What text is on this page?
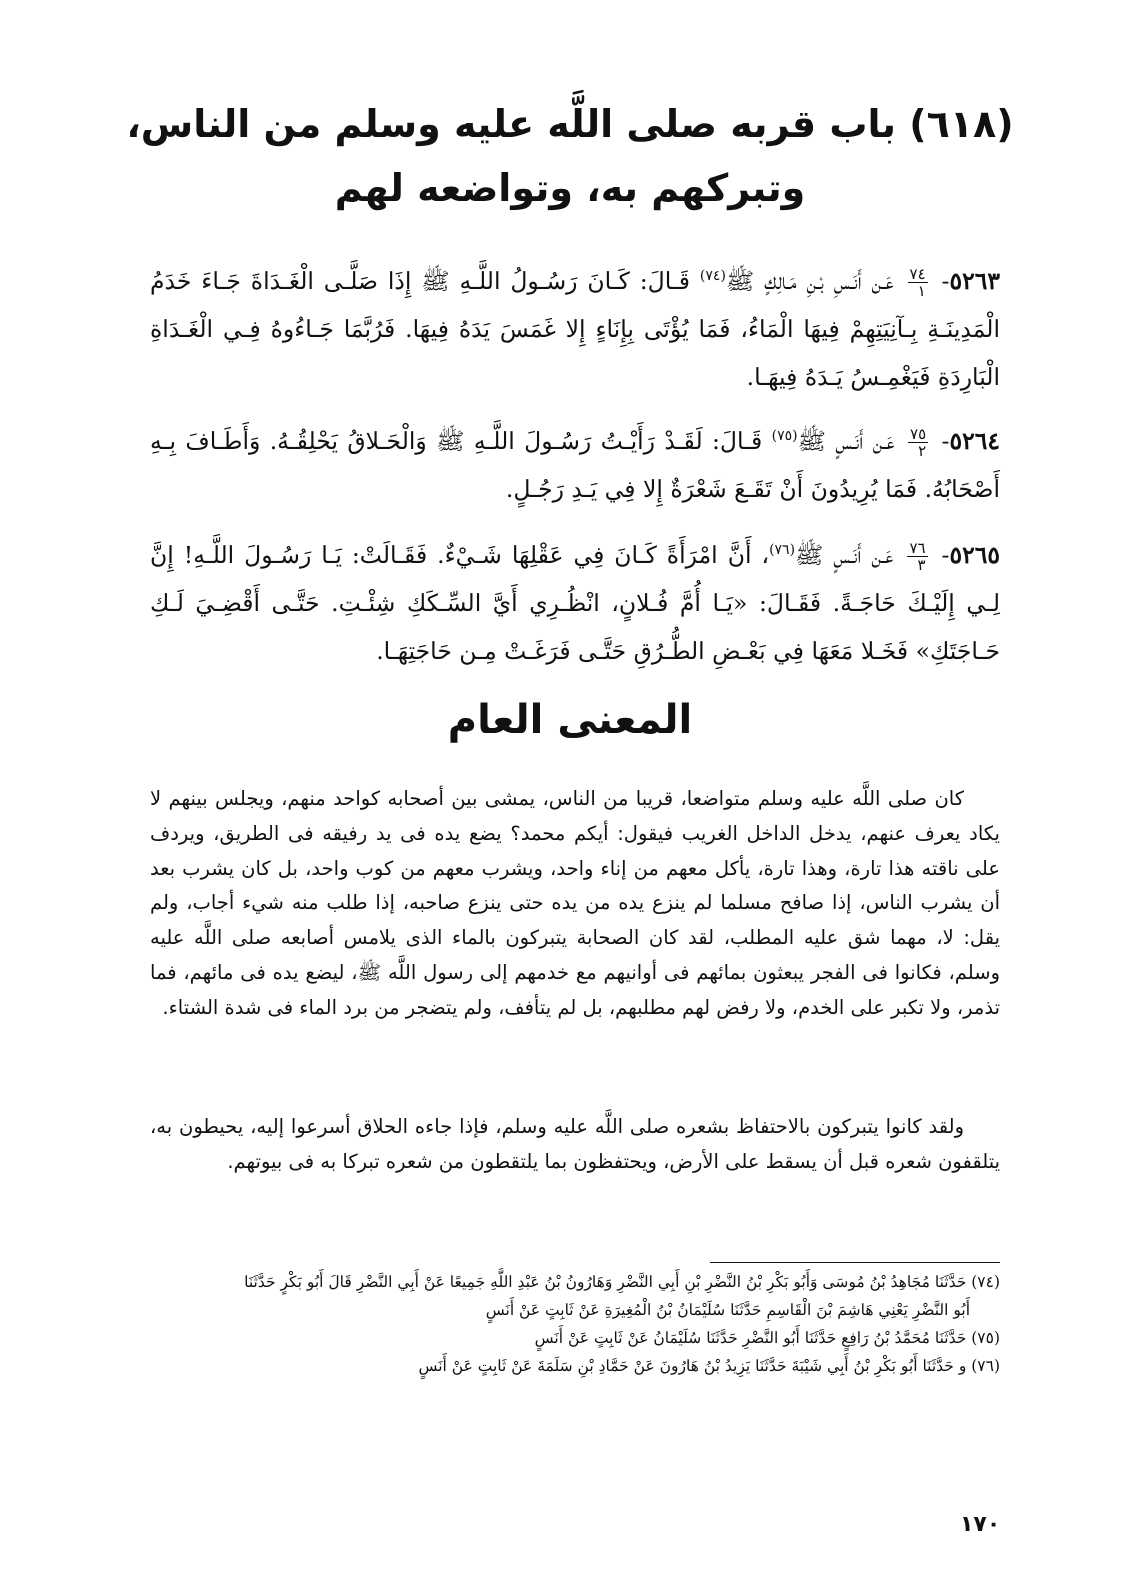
(٦١٨) باب قربه صلى اللَّه عليه وسلم من الناس،
وتبركهم به، وتواضعه لهم

٥٢٦٣-
$\frac{٧٤}{١}$
عَـن أَنَـسِ بْـنِ مَـالِكٍ ﷺ$^{(٧٤)}$ قَـالَ: كَـانَ رَسُـولُ اللَّـهِ ﷺ إِذَا صَلَّـى الْغَـدَاةَ جَـاءَ خَدَمُ الْمَدِينَـةِ بِـآنِيَتِهِمْ فِيهَا الْمَاءُ، فَمَا يُؤْتَى بِإِنَاءٍ إِلا غَمَسَ يَدَهُ فِيهَا. فَرُبَّمَا جَـاءُوهُ فِـي الْغَـدَاةِ الْبَارِدَةِ فَيَغْمِـسُ يَـدَهُ فِيهَـا.

٥٢٦٤-
$\frac{٧٥}{٢}$
عَـن أَنَـسٍ ﷺ$^{(٧٥)}$ قَـالَ: لَقَـدْ رَأَيْـتُ رَسُـولَ اللَّـهِ ﷺ وَالْحَـلاقُ يَحْلِقُـهُ. وَأَطَـافَ بِـهِ أَصْحَابُهُ. فَمَا يُرِيدُونَ أَنْ تَقَـعَ شَعْرَةٌ إِلا فِي يَـدِ رَجُـلٍ.

٥٢٦٥-
$\frac{٧٦}{٣}$
عَـن أَنَـسٍ ﷺ$^{(٧٦)}$، أَنَّ امْرَأَةً كَـانَ فِي عَقْلِهَا شَـيْءٌ. فَقَـالَتْ: يَـا رَسُـولَ اللَّـهِ! إِنَّ لِـي إِلَيْـكَ حَاجَـةً. فَقَـالَ: «يَـا أُمَّ فُـلانٍ، انْظُـرِي أَيَّ السِّـكَكِ شِئْـتِ. حَتَّـى أَقْضِـيَ لَـكِ حَـاجَتَكِ» فَخَـلا مَعَهَا فِي بَعْـضِ الطُّـرُقِ حَتَّـى فَرَغَـتْ مِـن حَاجَتِهَـا.

المعنى العام

كان صلى اللَّه عليه وسلم متواضعا، قريبا من الناس، يمشى بين أصحابه كواحد منهم، ويجلس بينهم لا يكاد يعرف عنهم، يدخل الداخل الغريب فيقول: أيكم محمد؟ يضع يده فى يد رفيقه فى الطريق، ويردف على ناقته هذا تارة، وهذا تارة، يأكل معهم من إناء واحد، ويشرب معهم من كوب واحد، بل كان يشرب بعد أن يشرب الناس، إذا صافح مسلما لم ينزع يده من يده حتى ينزع صاحبه، إذا طلب منه شيء أجاب، ولم يقل: لا، مهما شق عليه المطلب، لقد كان الصحابة يتبركون بالماء الذى يلامس أصابعه صلى اللَّه عليه وسلم، فكانوا فى الفجر يبعثون بمائهم فى أوانيهم مع خدمهم إلى رسول اللَّه ﷺ، ليضع يده فى مائهم، فما تذمر، ولا تكبر على الخدم، ولا رفض لهم مطلبهم، بل لم يتأفف، ولم يتضجر من برد الماء فى شدة الشتاء.

ولقد كانوا يتبركون بالاحتفاظ بشعره صلى اللَّه عليه وسلم، فإذا جاءه الحلاق أسرعوا إليه، يحيطون به، يتلقفون شعره قبل أن يسقط على الأرض، ويحتفظون بما يلتقطون من شعره تبركا به فى بيوتهم.

(٧٤) حَدَّثَنَا مُجَاهِدُ بْنُ مُوسَى وَأَبُو بَكْرِ بْنُ النَّضْرِ بْنِ أَبِي النَّضْرِ وَهَارُونُ بْنُ عَبْدِ اللَّهِ جَمِيعًا عَنْ أَبِي النَّضْرِ قَالَ أَبُو بَكْرٍ حَدَّثَنَا
أَبُو النَّضْرِ يَعْنِي هَاشِمَ بْنَ الْقَاسِمِ حَدَّثَنَا سُلَيْمَانُ بْنُ الْمُغِيرَةِ عَنْ ثَابِتٍ عَنْ أَنَسٍ
(٧٥) حَدَّثَنَا مُحَمَّدُ بْنُ رَافِعٍ حَدَّثَنَا أَبُو النَّضْرِ حَدَّثَنَا سُلَيْمَانُ عَنْ ثَابِتٍ عَنْ أَنَسٍ
(٧٦) و حَدَّثَنَا أَبُو بَكْرِ بْنُ أَبِي شَيْبَةَ حَدَّثَنَا يَزِيدُ بْنُ هَارُونَ عَنْ حَمَّادِ بْنِ سَلَمَةَ عَنْ ثَابِتٍ عَنْ أَنَسٍ
١٧٠
